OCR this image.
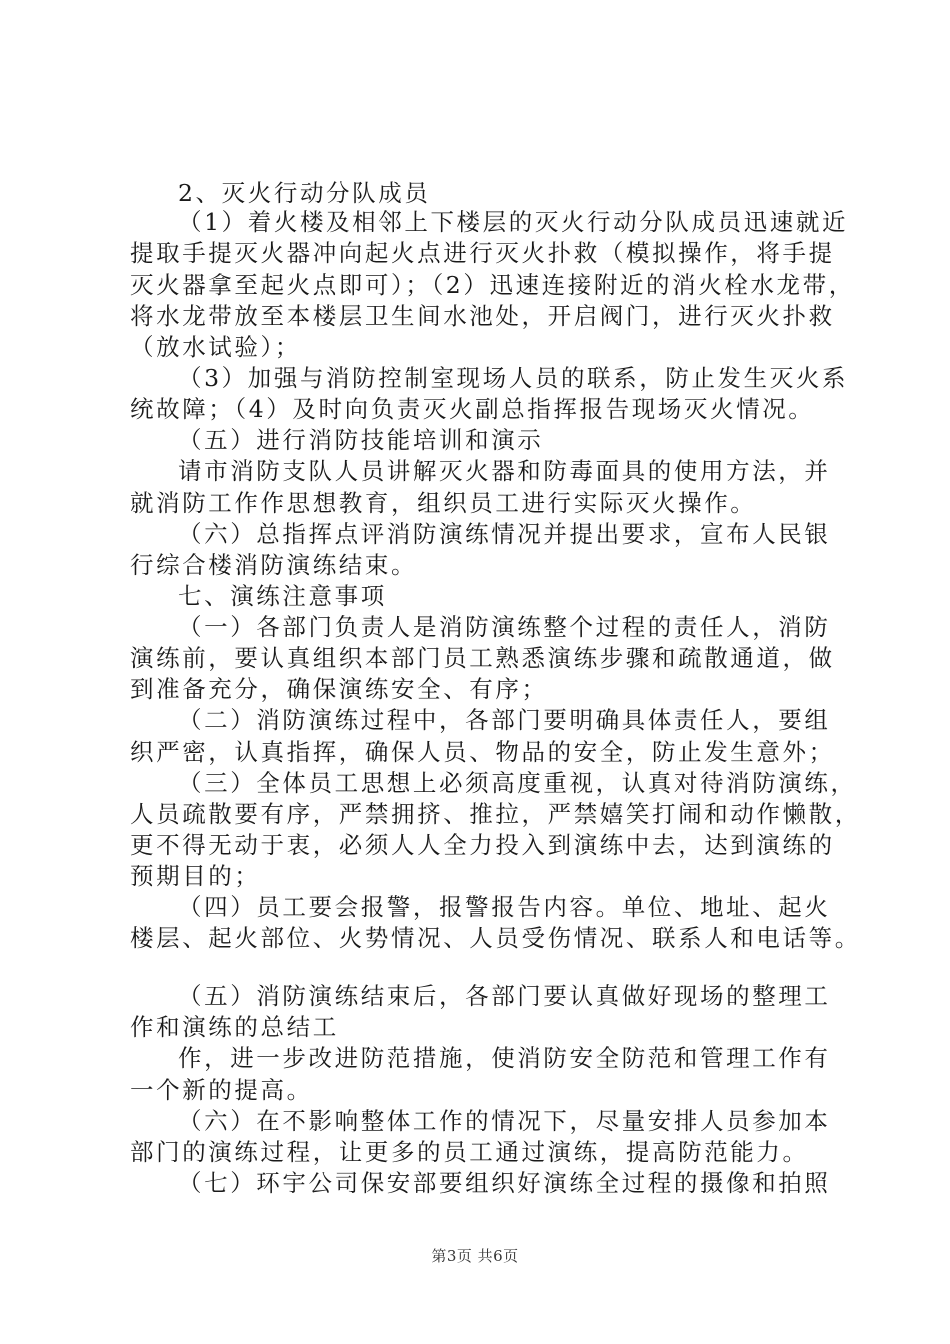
2、灭火行动分队成员
（1）着火楼及相邻上下楼层的灭火行动分队成员迅速就近
提取手提灭火器冲向起火点进行灭火扑救（模拟操作，将手提
灭火器拿至起火点即可）；（2）迅速连接附近的消火栓水龙带，
将水龙带放至本楼层卫生间水池处，开启阀门，进行灭火扑救
（放水试验）；
（3）加强与消防控制室现场人员的联系，防止发生灭火系
统故障；（4）及时向负责灭火副总指挥报告现场灭火情况。
（五）进行消防技能培训和演示
请市消防支队人员讲解灭火器和防毒面具的使用方法，并
就消防工作作思想教育，组织员工进行实际灭火操作。
（六）总指挥点评消防演练情况并提出要求，宣布人民银
行综合楼消防演练结束。
七、演练注意事项
（一）各部门负责人是消防演练整个过程的责任人，消防
演练前，要认真组织本部门员工熟悉演练步骤和疏散通道，做
到准备充分，确保演练安全、有序；
（二）消防演练过程中，各部门要明确具体责任人，要组
织严密，认真指挥，确保人员、物品的安全，防止发生意外；
（三）全体员工思想上必须高度重视，认真对待消防演练，
人员疏散要有序，严禁拥挤、推拉，严禁嬉笑打闹和动作懒散，
更不得无动于衷，必须人人全力投入到演练中去，达到演练的
预期目的；
（四）员工要会报警，报警报告内容。单位、地址、起火
楼层、起火部位、火势情况、人员受伤情况、联系人和电话等。
（五）消防演练结束后，各部门要认真做好现场的整理工
作和演练的总结工
作，进一步改进防范措施，使消防安全防范和管理工作有
一个新的提高。
（六）在不影响整体工作的情况下，尽量安排人员参加本
部门的演练过程，让更多的员工通过演练，提高防范能力。
（七）环宇公司保安部要组织好演练全过程的摄像和拍照
第3页 共6页
